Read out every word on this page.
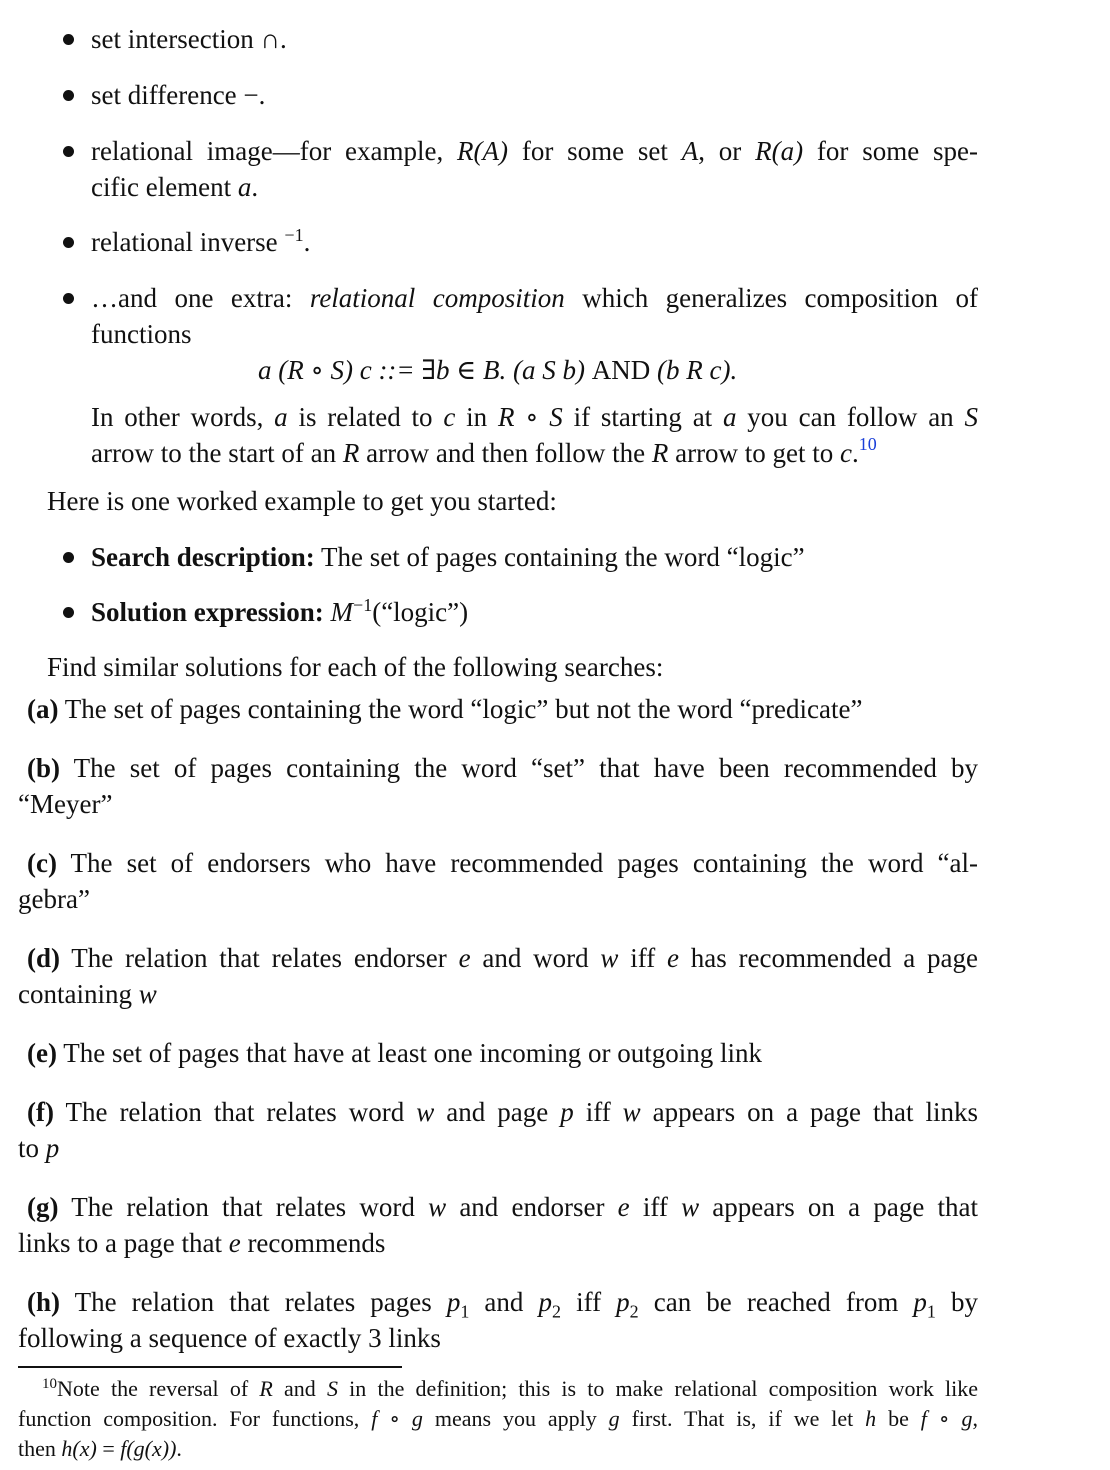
set intersection ∩.
set difference −.
relational image—for example, R(A) for some set A, or R(a) for some spe-
cific element a.
relational inverse $^{-1}$.
…and one extra: relational composition which generalizes composition of
functions
a (R ∘ S) c ::= ∃b ∈ B. (a S b) AND (b R c).
In other words, a is related to c in R ∘ S if starting at a you can follow an S
arrow to the start of an R arrow and then follow the R arrow to get to c.$^{10}$
Here is one worked example to get you started:
Search description: The set of pages containing the word “logic”
Solution expression: $M^{-1}(“logic”)$
Find similar solutions for each of the following searches:
(a) The set of pages containing the word “logic” but not the word “predicate”
(b) The set of pages containing the word “set” that have been recommended by
“Meyer”
(c) The set of endorsers who have recommended pages containing the word “al-
gebra”
(d) The relation that relates endorser e and word w iff e has recommended a page
containing w
(e) The set of pages that have at least one incoming or outgoing link
(f) The relation that relates word w and page p iff w appears on a page that links
to p
(g) The relation that relates word w and endorser e iff w appears on a page that
links to a page that e recommends
(h) The relation that relates pages $p_1$ and $p_2$ iff $p_2$ can be reached from $p_1$ by
following a sequence of exactly 3 links
$^{10}$Note the reversal of R and S in the definition; this is to make relational composition work like
function composition. For functions, f ∘ g means you apply g first. That is, if we let h be f ∘ g,
then h(x) = f(g(x)).
